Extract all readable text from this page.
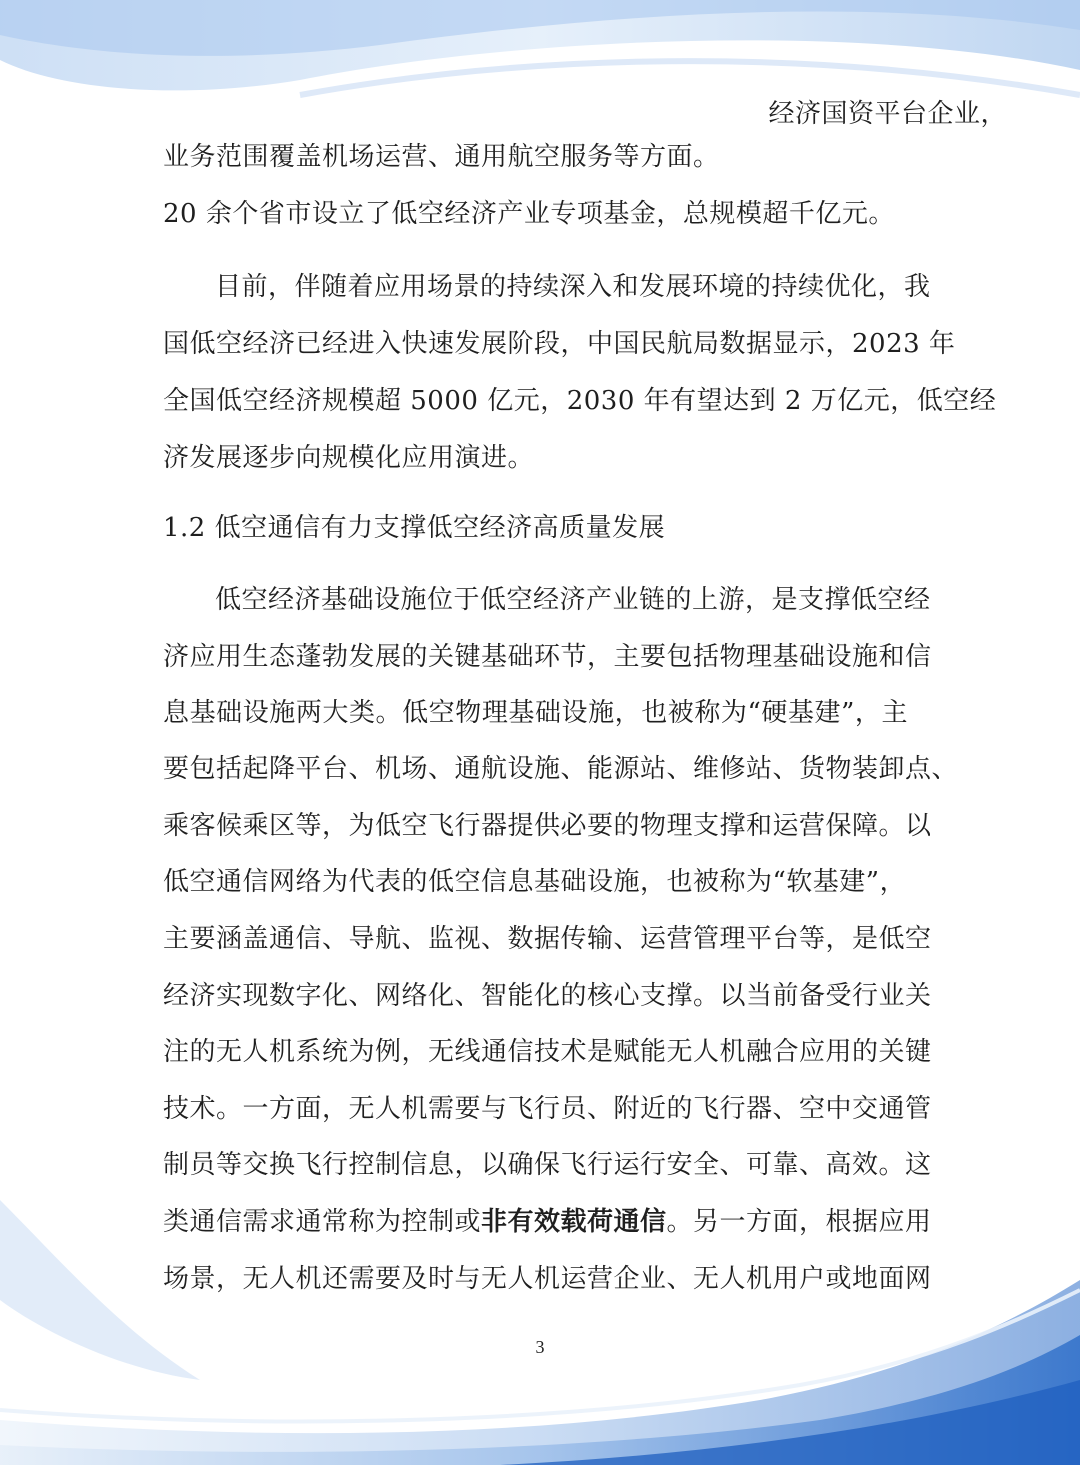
经济国资平台企业，
业务范围覆盖机场运营、通用航空服务等方面。
20 余个省市设立了低空经济产业专项基金，总规模超千亿元。
目前，伴随着应用场景的持续深入和发展环境的持续优化，我
国低空经济已经进入快速发展阶段，中国民航局数据显示，2023 年
全国低空经济规模超 5000 亿元，2030 年有望达到 2 万亿元，低空经
济发展逐步向规模化应用演进。
1.2 低空通信有力支撑低空经济高质量发展
低空经济基础设施位于低空经济产业链的上游，是支撑低空经
济应用生态蓬勃发展的关键基础环节，主要包括物理基础设施和信
息基础设施两大类。低空物理基础设施，也被称为“硬基建”，主
要包括起降平台、机场、通航设施、能源站、维修站、货物装卸点、
乘客候乘区等，为低空飞行器提供必要的物理支撑和运营保障。以
低空通信网络为代表的低空信息基础设施，也被称为“软基建”，
主要涵盖通信、导航、监视、数据传输、运营管理平台等，是低空
经济实现数字化、网络化、智能化的核心支撑。以当前备受行业关
注的无人机系统为例，无线通信技术是赋能无人机融合应用的关键
技术。一方面，无人机需要与飞行员、附近的飞行器、空中交通管
制员等交换飞行控制信息，以确保飞行运行安全、可靠、高效。这
类通信需求通常称为控制或非有效载荷通信。另一方面，根据应用
场景，无人机还需要及时与无人机运营企业、无人机用户或地面网
3
